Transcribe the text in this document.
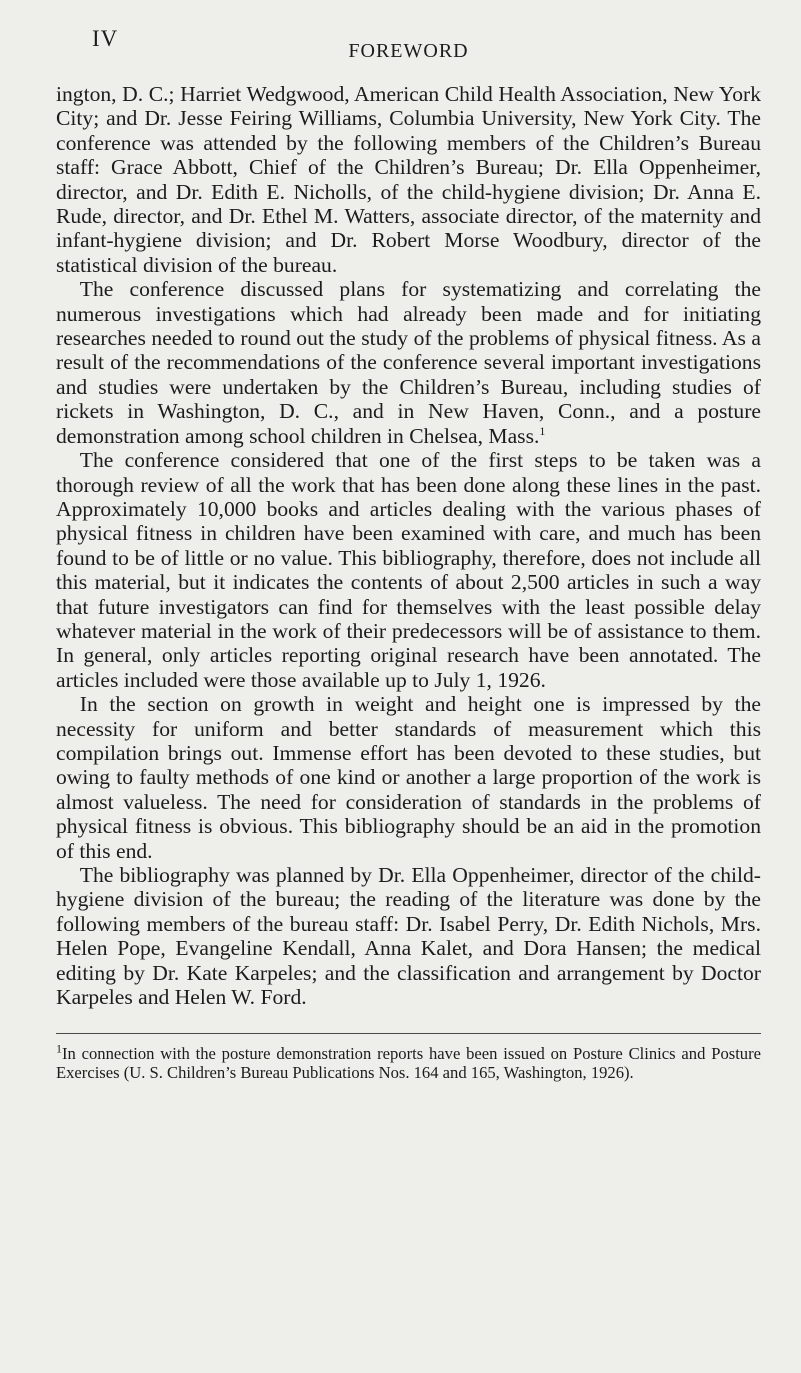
IV	FOREWORD

ington, D. C.; Harriet Wedgwood, American Child Health Association, New York City; and Dr. Jesse Feiring Williams, Columbia University, New York City. The conference was attended by the following members of the Children’s Bureau staff: Grace Abbott, Chief of the Children’s Bureau; Dr. Ella Oppenheimer, director, and Dr. Edith E. Nicholls, of the child-hygiene division; Dr. Anna E. Rude, director, and Dr. Ethel M. Watters, associate director, of the maternity and infant-hygiene division; and Dr. Robert Morse Woodbury, director of the statistical division of the bureau.

The conference discussed plans for systematizing and correlating the numerous investigations which had already been made and for initiating researches needed to round out the study of the problems of physical fitness. As a result of the recommendations of the conference several important investigations and studies were undertaken by the Children’s Bureau, including studies of rickets in Washington, D. C., and in New Haven, Conn., and a posture demonstration among school children in Chelsea, Mass.$^1$

The conference considered that one of the first steps to be taken was a thorough review of all the work that has been done along these lines in the past. Approximately 10,000 books and articles dealing with the various phases of physical fitness in children have been examined with care, and much has been found to be of little or no value. This bibliography, therefore, does not include all this material, but it indicates the contents of about 2,500 articles in such a way that future investigators can find for themselves with the least possible delay whatever material in the work of their predecessors will be of assistance to them. In general, only articles reporting original research have been annotated. The articles included were those available up to July 1, 1926.

In the section on growth in weight and height one is impressed by the necessity for uniform and better standards of measurement which this compilation brings out. Immense effort has been devoted to these studies, but owing to faulty methods of one kind or another a large proportion of the work is almost valueless. The need for consideration of standards in the problems of physical fitness is obvious. This bibliography should be an aid in the promotion of this end.

The bibliography was planned by Dr. Ella Oppenheimer, director of the child-hygiene division of the bureau; the reading of the literature was done by the following members of the bureau staff: Dr. Isabel Perry, Dr. Edith Nichols, Mrs. Helen Pope, Evangeline Kendall, Anna Kalet, and Dora Hansen; the medical editing by Dr. Kate Karpeles; and the classification and arrangement by Doctor Karpeles and Helen W. Ford.

$^1$In connection with the posture demonstration reports have been issued on Posture Clinics and Posture Exercises (U. S. Children’s Bureau Publications Nos. 164 and 165, Washington, 1926).
